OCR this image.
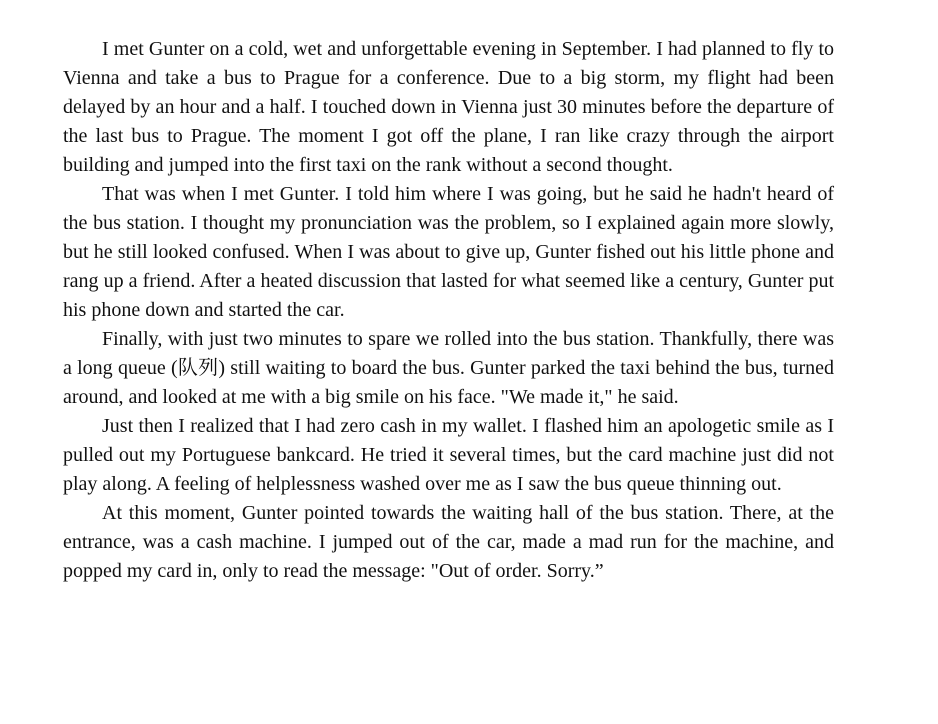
I met Gunter on a cold, wet and unforgettable evening in September. I had planned to fly to Vienna and take a bus to Prague for a conference. Due to a big storm, my flight had been delayed by an hour and a half. I touched down in Vienna just 30 minutes before the departure of the last bus to Prague. The moment I got off the plane, I ran like crazy through the airport building and jumped into the first taxi on the rank without a second thought.

That was when I met Gunter. I told him where I was going, but he said he hadn't heard of the bus station. I thought my pronunciation was the problem, so I explained again more slowly, but he still looked confused. When I was about to give up, Gunter fished out his little phone and rang up a friend. After a heated discussion that lasted for what seemed like a century, Gunter put his phone down and started the car.

Finally, with just two minutes to spare we rolled into the bus station. Thankfully, there was a long queue (队列) still waiting to board the bus. Gunter parked the taxi behind the bus, turned around, and looked at me with a big smile on his face. "We made it," he said.

Just then I realized that I had zero cash in my wallet. I flashed him an apologetic smile as I pulled out my Portuguese bankcard. He tried it several times, but the card machine just did not play along. A feeling of helplessness washed over me as I saw the bus queue thinning out.

At this moment, Gunter pointed towards the waiting hall of the bus station. There, at the entrance, was a cash machine. I jumped out of the car, made a mad run for the machine, and popped my card in, only to read the message: "Out of order. Sorry.”
